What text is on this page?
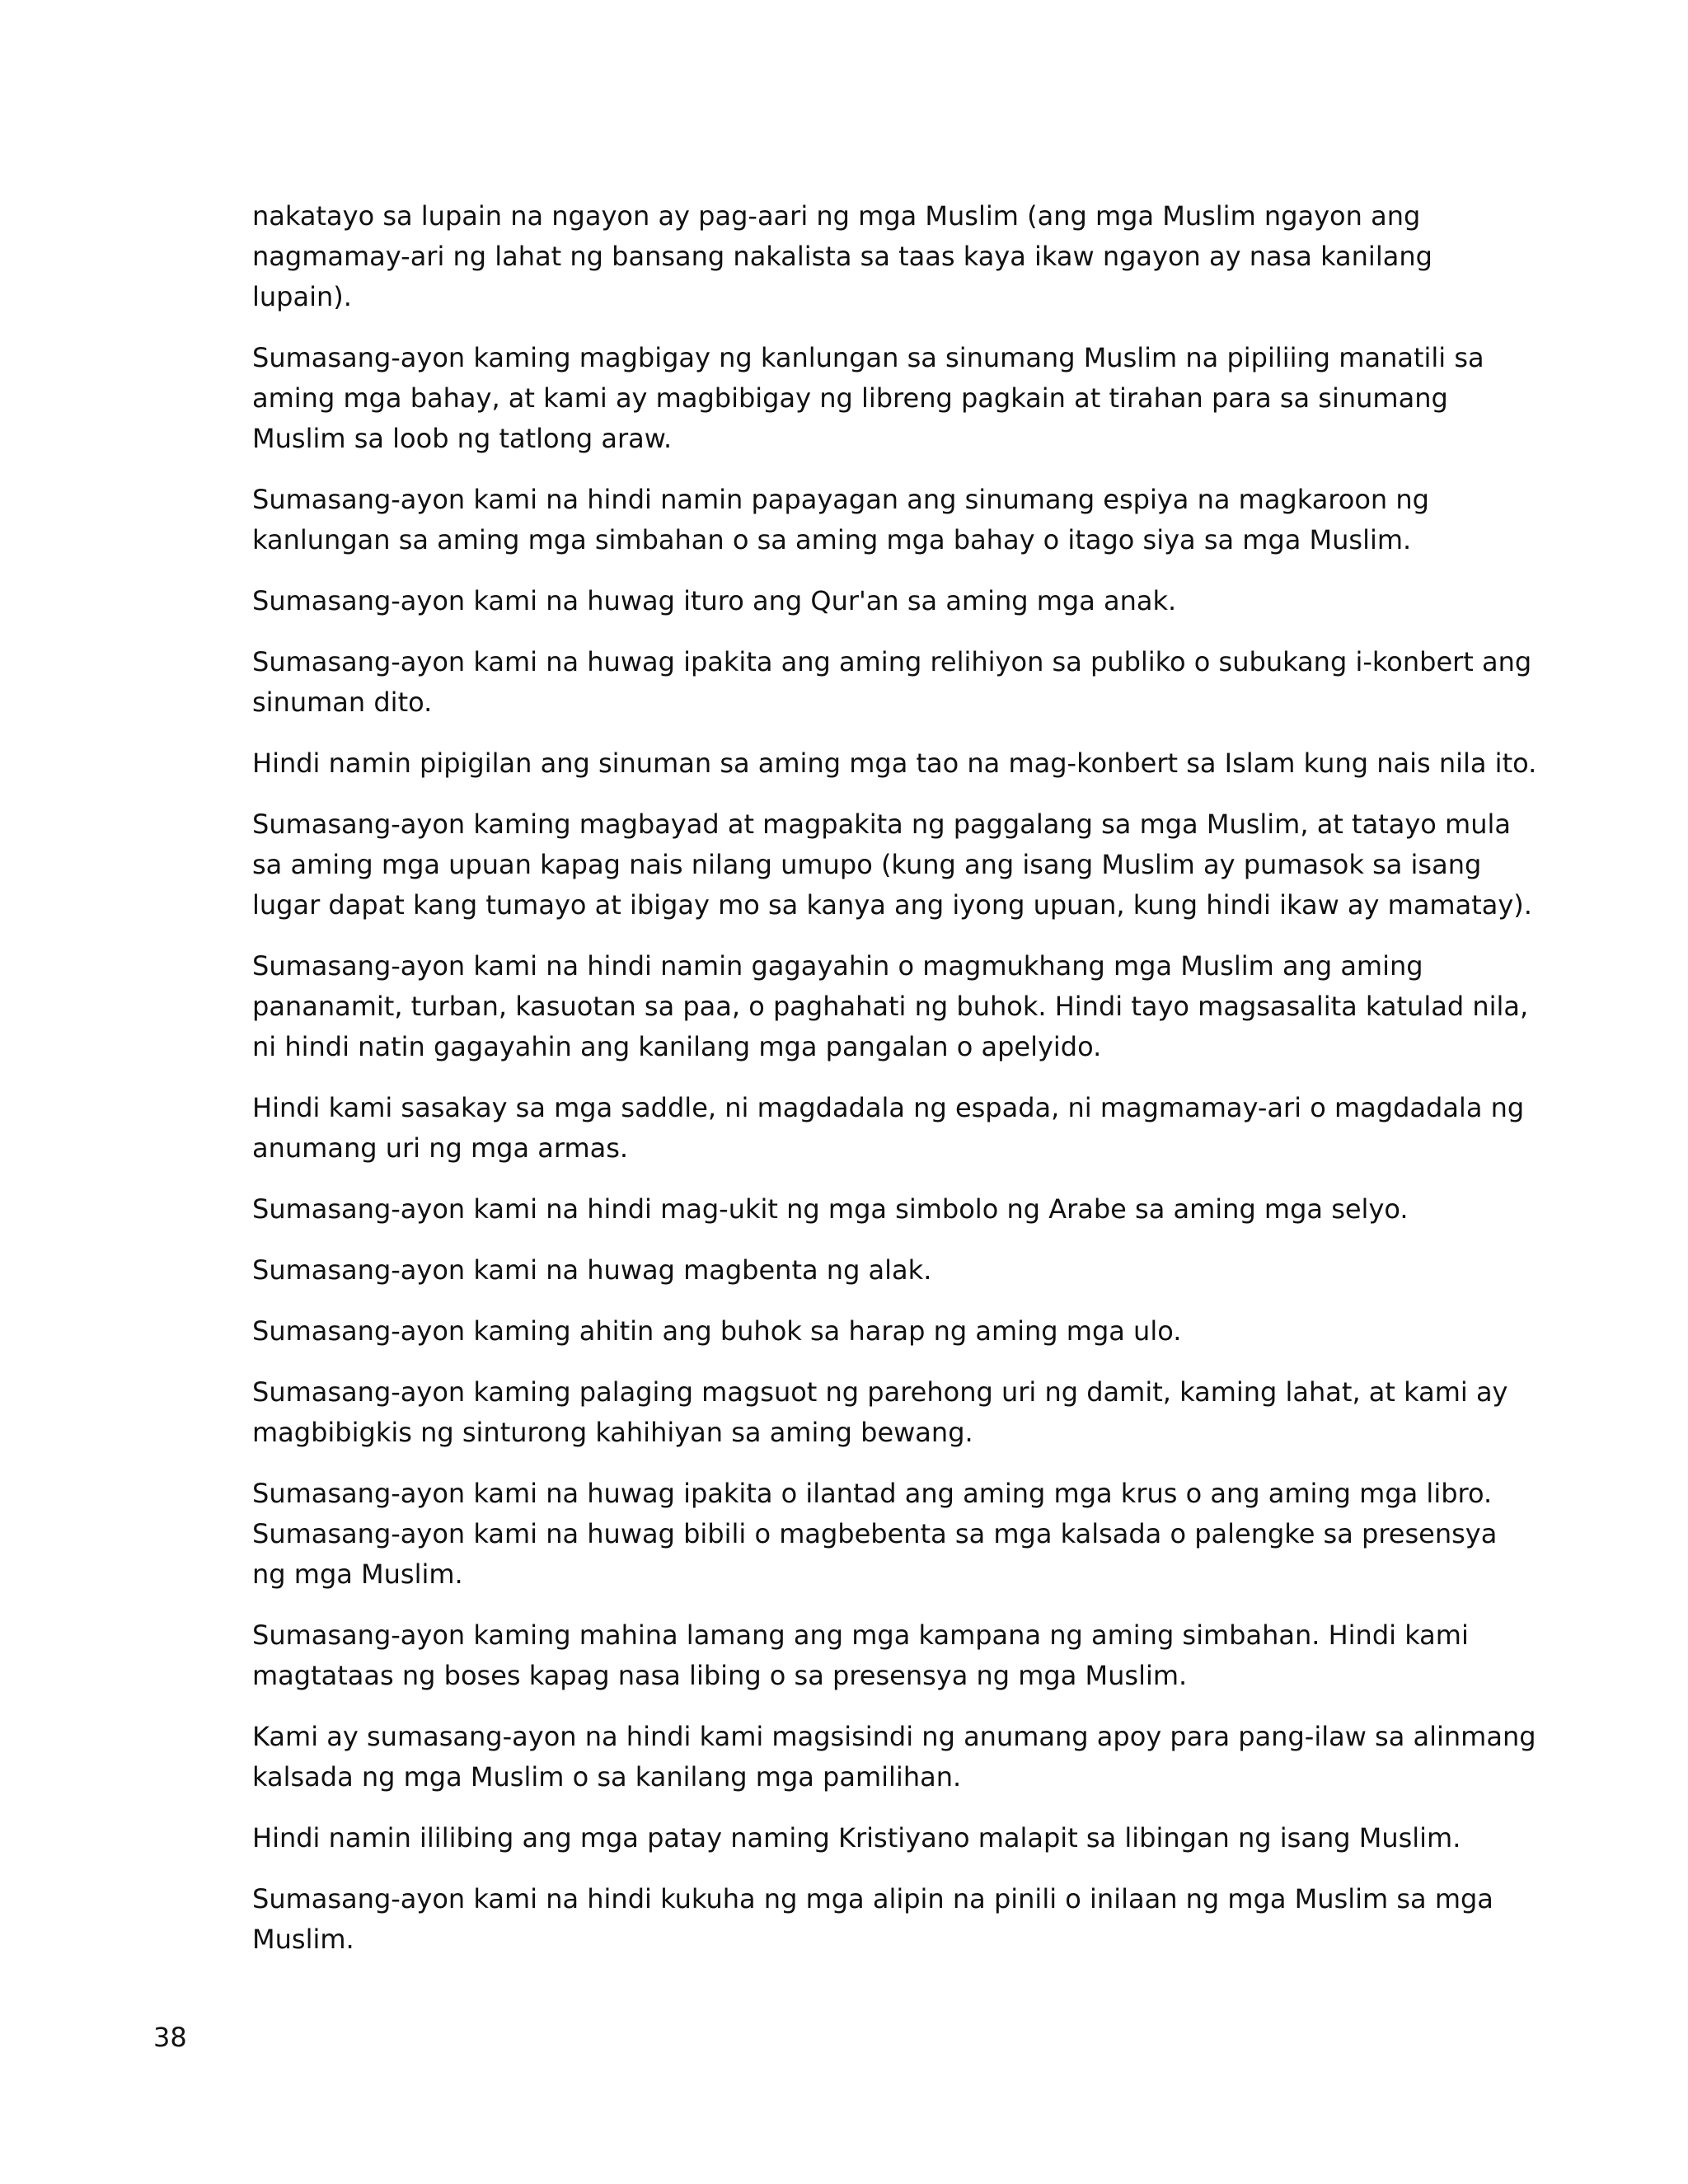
nakatayo sa lupain na ngayon ay pag-aari ng mga Muslim (ang mga Muslim ngayon ang nagmamay-ari ng lahat ng bansang nakalista sa taas kaya ikaw ngayon ay nasa kanilang lupain).

Sumasang-ayon kaming magbigay ng kanlungan sa sinumang Muslim na pipiliing manatili sa aming mga bahay, at kami ay magbibigay ng libreng pagkain at tirahan para sa sinumang Muslim sa loob ng tatlong araw.

Sumasang-ayon kami na hindi namin papayagan ang sinumang espiya na magkaroon ng kanlungan sa aming mga simbahan o sa aming mga bahay o itago siya sa mga Muslim.

Sumasang-ayon kami na huwag ituro ang Qur'an sa aming mga anak.

Sumasang-ayon kami na huwag ipakita ang aming relihiyon sa publiko o subukang i-konbert ang sinuman dito.

Hindi namin pipigilan ang sinuman sa aming mga tao na mag-konbert sa Islam kung nais nila ito.

Sumasang-ayon kaming magbayad at magpakita ng paggalang sa mga Muslim, at tatayo mula sa aming mga upuan kapag nais nilang umupo (kung ang isang Muslim ay pumasok sa isang lugar dapat kang tumayo at ibigay mo sa kanya ang iyong upuan, kung hindi ikaw ay mamatay).

Sumasang-ayon kami na hindi namin gagayahin o magmukhang mga Muslim ang aming pananamit, turban, kasuotan sa paa, o paghahati ng buhok. Hindi tayo magsasalita katulad nila, ni hindi natin gagayahin ang kanilang mga pangalan o apelyido.

Hindi kami sasakay sa mga saddle, ni magdadala ng espada, ni magmamay-ari o magdadala ng anumang uri ng mga armas.

Sumasang-ayon kami na hindi mag-ukit ng mga simbolo ng Arabe sa aming mga selyo.

Sumasang-ayon kami na huwag magbenta ng alak.

Sumasang-ayon kaming ahitin ang buhok sa harap ng aming mga ulo.

Sumasang-ayon kaming palaging magsuot ng parehong uri ng damit, kaming lahat, at kami ay magbibigkis ng sinturong kahihiyan sa aming bewang.

Sumasang-ayon kami na huwag ipakita o ilantad ang aming mga krus o ang aming mga libro. Sumasang-ayon kami na huwag bibili o magbebenta sa mga kalsada o palengke sa presensya ng mga Muslim.

Sumasang-ayon kaming mahina lamang ang mga kampana ng aming simbahan. Hindi kami magtataas ng boses kapag nasa libing o sa presensya ng mga Muslim.

Kami ay sumasang-ayon na hindi kami magsisindi ng anumang apoy para pang-ilaw sa alinmang kalsada ng mga Muslim o sa kanilang mga pamilihan.

Hindi namin ililibing ang mga patay naming Kristiyano malapit sa libingan ng isang Muslim.

Sumasang-ayon kami na hindi kukuha ng mga alipin na pinili o inilaan ng mga Muslim sa mga Muslim.

38
